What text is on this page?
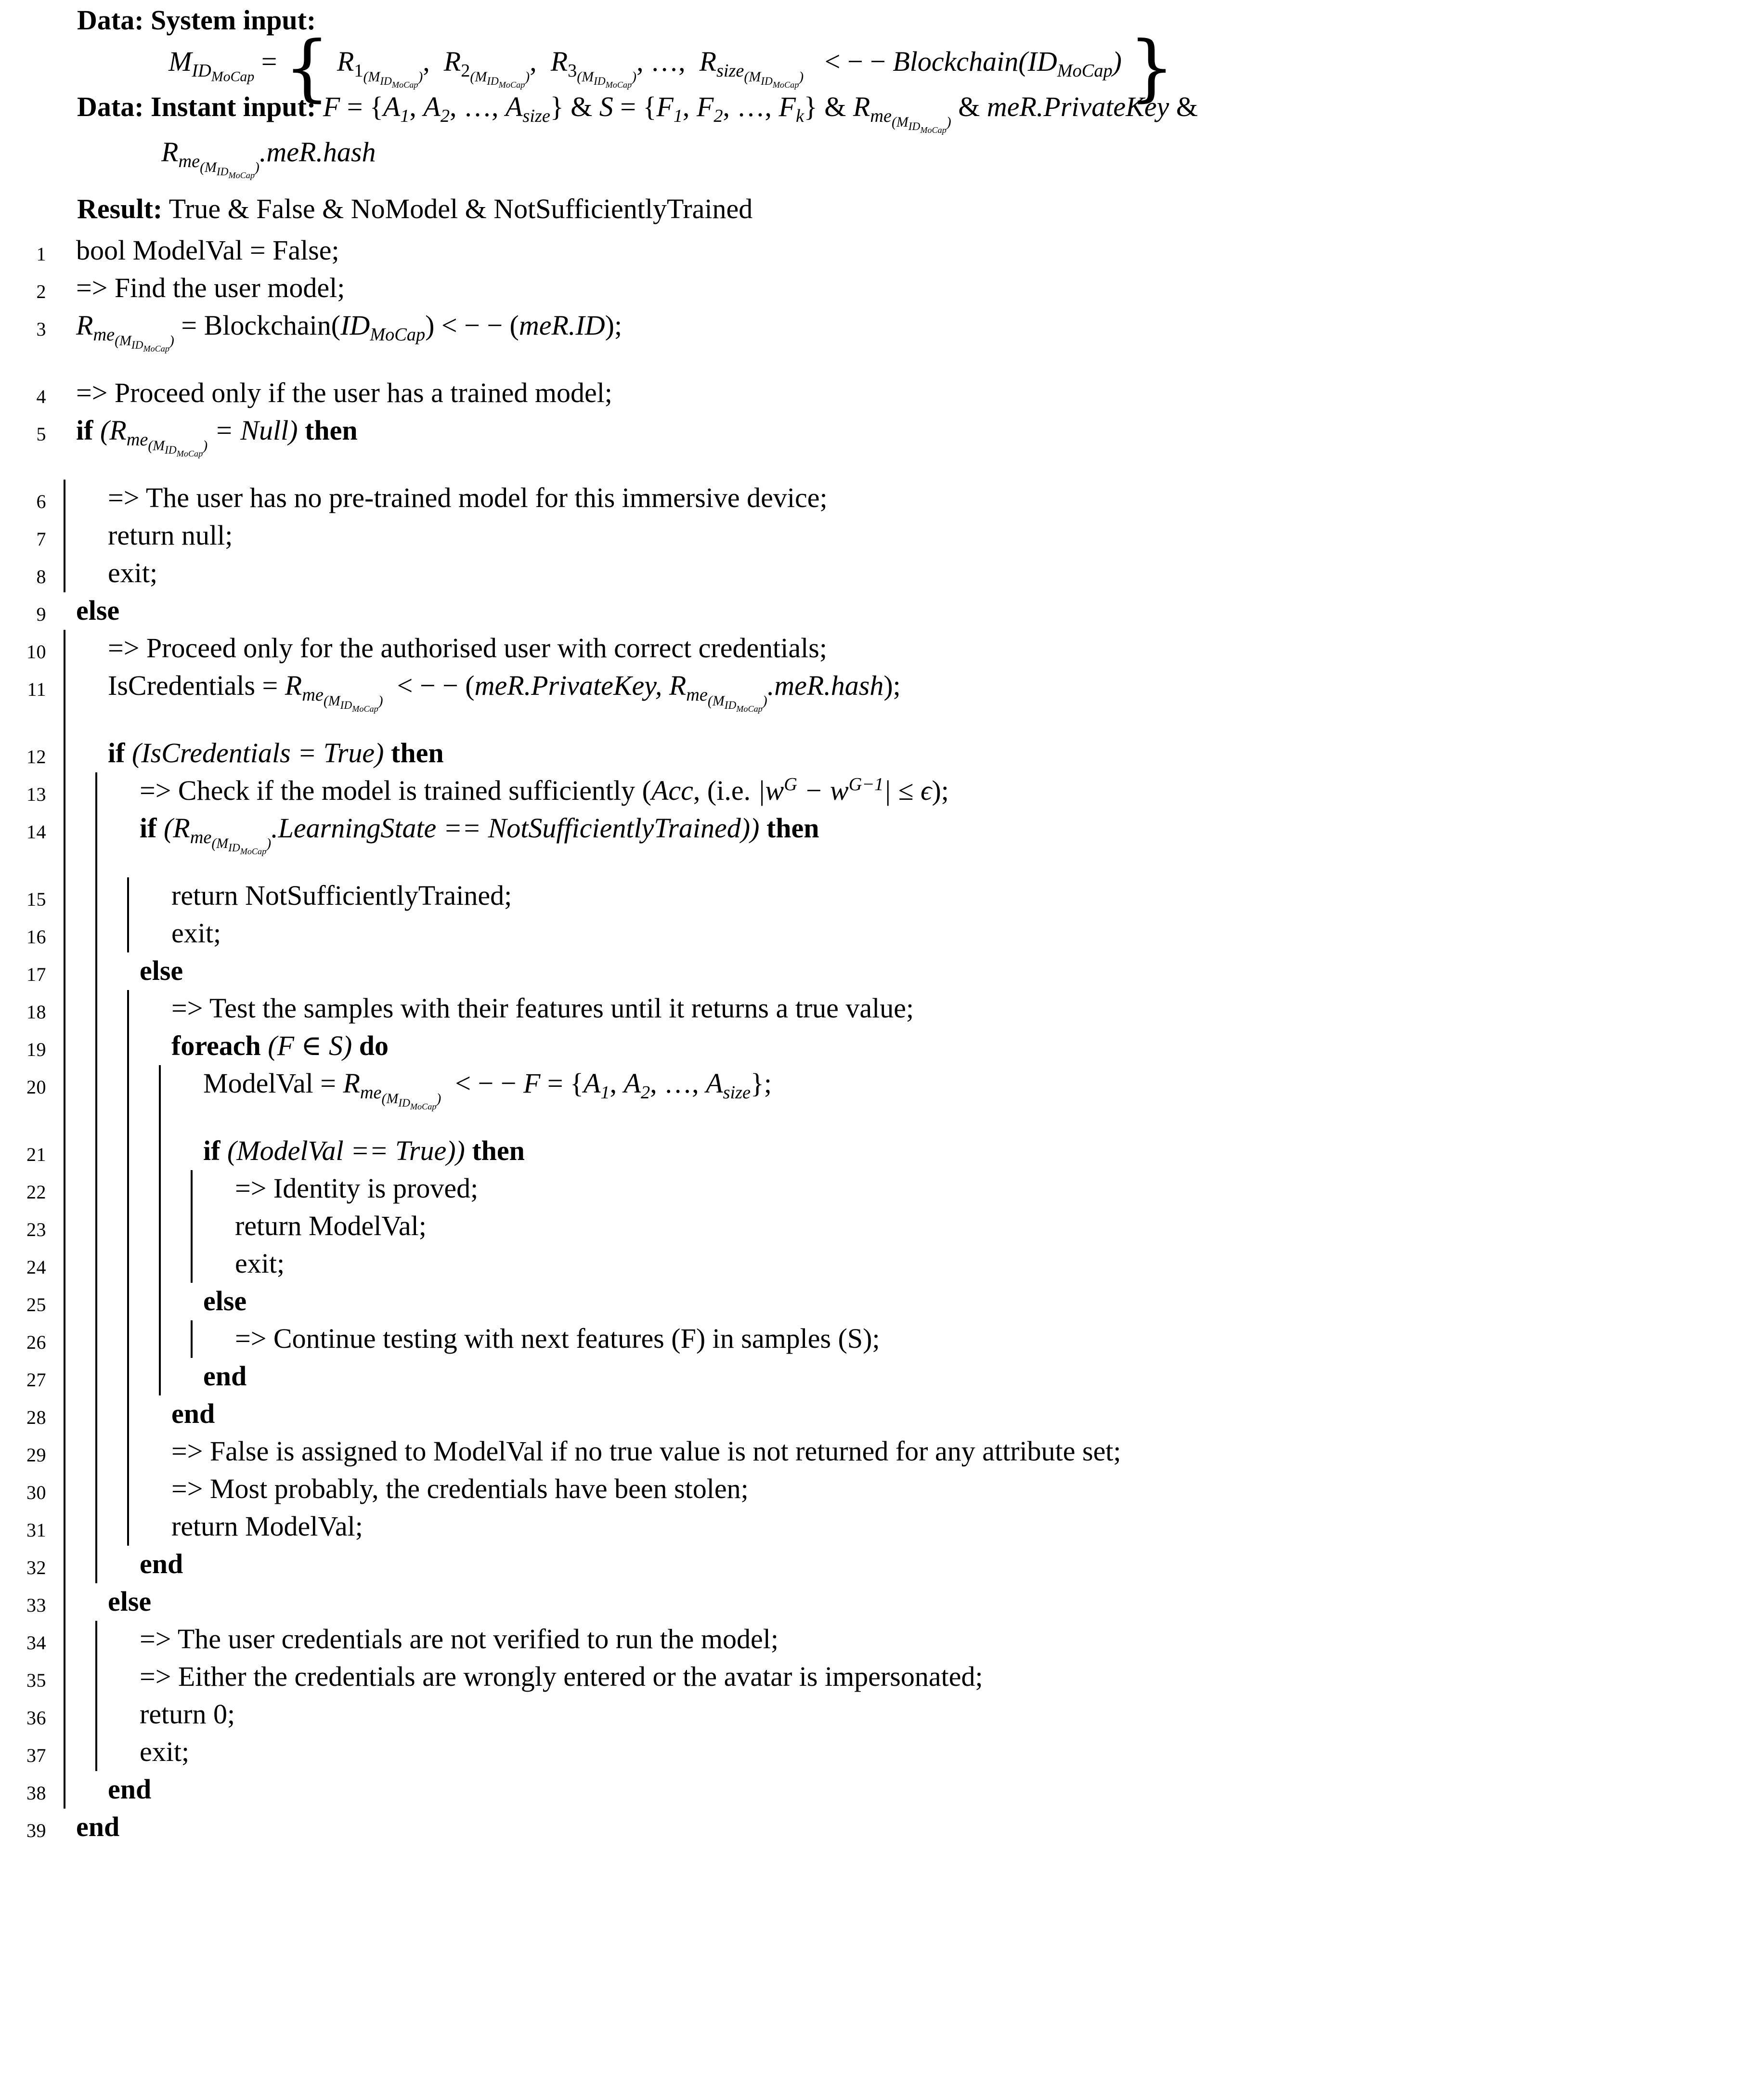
Data: System input:
$M_{ID_{MoCap}}$ = { $R_{1_{(M_{ID_{MoCap}})}}$,  $R_{2_{(M_{ID_{MoCap}})}}$,  $R_{3_{(M_{ID_{MoCap}})}}$, …,  $R_{size_{(M_{ID_{MoCap}})}}$   < − − $Blockchain(ID_{MoCap})$ }
Data: Instant input: $F = \{A_1$, $A_2$, …, $A_{size}$} & $S = \{F_1$, $F_2$, …, $F_k$} & $R_{me_{(M_{ID_{MoCap}})}}$ & meR.PrivateKey &
$R_{me_{(M_{ID_{MoCap}})}}.meR.hash$
Result: True & False & NoModel & NotSufficientlyTrained
1	bool ModelVal = False;
2	=> Find the user model;
3	$R_{me_{(M_{ID_{MoCap}})}}$ = $Blockchain(ID_{MoCap})$ < − − (meR.ID);
4	=> Proceed only if the user has a trained model;
5	if ($R_{me_{(M_{ID_{MoCap}})}}$ = Null) then
6	=> The user has no pre-trained model for this immersive device;
7	return null;
8	exit;
9	else
10	=> Proceed only for the authorised user with correct credentials;
11	IsCredentials = $R_{me_{(M_{ID_{MoCap}})}}$  < − − (meR.PrivateKey, $R_{me_{(M_{ID_{MoCap}})}}.meR.hash$);
12	if (IsCredentials = True) then
13	=> Check if the model is trained sufficiently (Acc, (i.e. $|w^G - w^{G-1}| \le \epsilon$);
14	if ($R_{me_{(M_{ID_{MoCap}})}}.LearningState$ == NotSufficientlyTrained)) then
15	return NotSufficientlyTrained;
16	exit;
17	else
18	=> Test the samples with their features until it returns a true value;
19	foreach (F ∈ S) do
20	ModelVal = $R_{me_{(M_{ID_{MoCap}})}}$  < − − $F = \{A_1$, $A_2$, …, $A_{size}$};
21	if (ModelVal == True)) then
22	=> Identity is proved;
23	return ModelVal;
24	exit;
25	else
26	=> Continue testing with next features (F) in samples (S);
27	end
28	end
29	=> False is assigned to ModelVal if no true value is not returned for any attribute set;
30	=> Most probably, the credentials have been stolen;
31	return ModelVal;
32	end
33	else
34	=> The user credentials are not verified to run the model;
35	=> Either the credentials are wrongly entered or the avatar is impersonated;
36	return 0;
37	exit;
38	end
39	end
